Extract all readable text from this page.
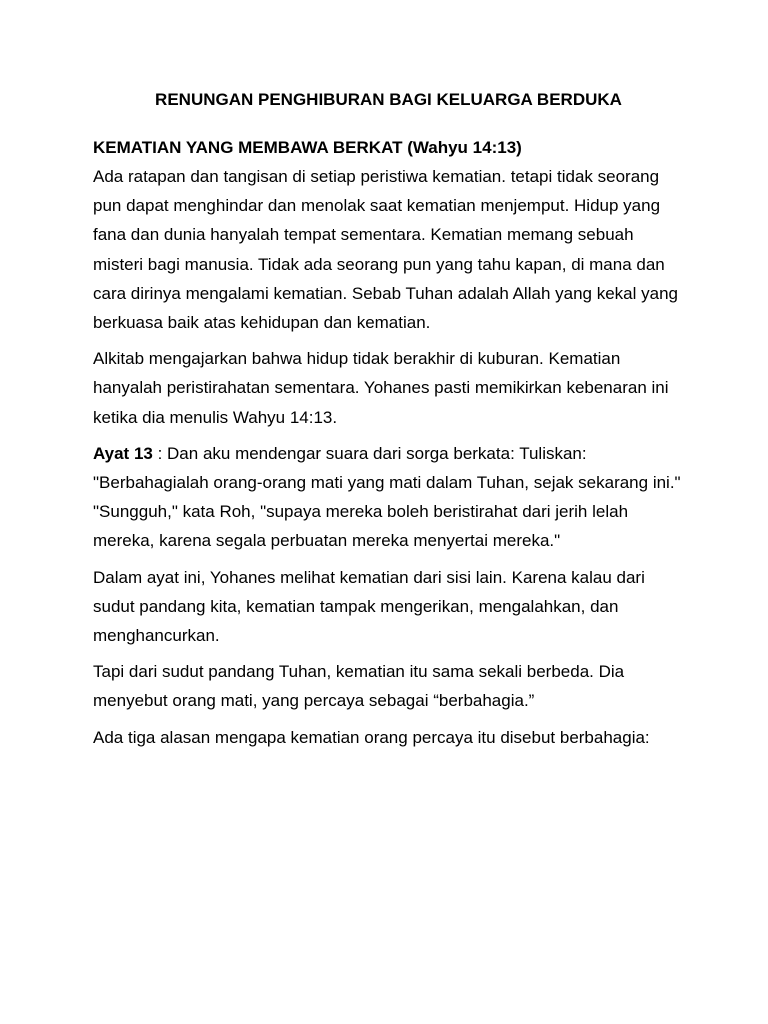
RENUNGAN PENGHIBURAN BAGI KELUARGA BERDUKA

KEMATIAN YANG MEMBAWA BERKAT (Wahyu 14:13)

Ada ratapan dan tangisan di setiap peristiwa kematian. tetapi tidak seorang pun dapat menghindar dan menolak saat kematian menjemput. Hidup yang fana dan dunia hanyalah tempat sementara. Kematian memang sebuah misteri bagi manusia. Tidak ada seorang pun yang tahu kapan, di mana dan cara dirinya mengalami kematian. Sebab Tuhan adalah Allah yang kekal yang berkuasa baik atas kehidupan dan kematian.

Alkitab mengajarkan bahwa hidup tidak berakhir di kuburan. Kematian hanyalah peristirahatan sementara. Yohanes pasti memikirkan kebenaran ini ketika dia menulis Wahyu 14:13.

Ayat 13 : Dan aku mendengar suara dari sorga berkata: Tuliskan: "Berbahagialah orang-orang mati yang mati dalam Tuhan, sejak sekarang ini." "Sungguh," kata Roh, "supaya mereka boleh beristirahat dari jerih lelah mereka, karena segala perbuatan mereka menyertai mereka."

Dalam ayat ini, Yohanes melihat kematian dari sisi lain. Karena kalau dari sudut pandang kita, kematian tampak mengerikan, mengalahkan, dan menghancurkan.

Tapi dari sudut pandang Tuhan, kematian itu sama sekali berbeda. Dia menyebut orang mati, yang percaya sebagai “berbahagia.”

Ada tiga alasan mengapa kematian orang percaya itu disebut berbahagia:
